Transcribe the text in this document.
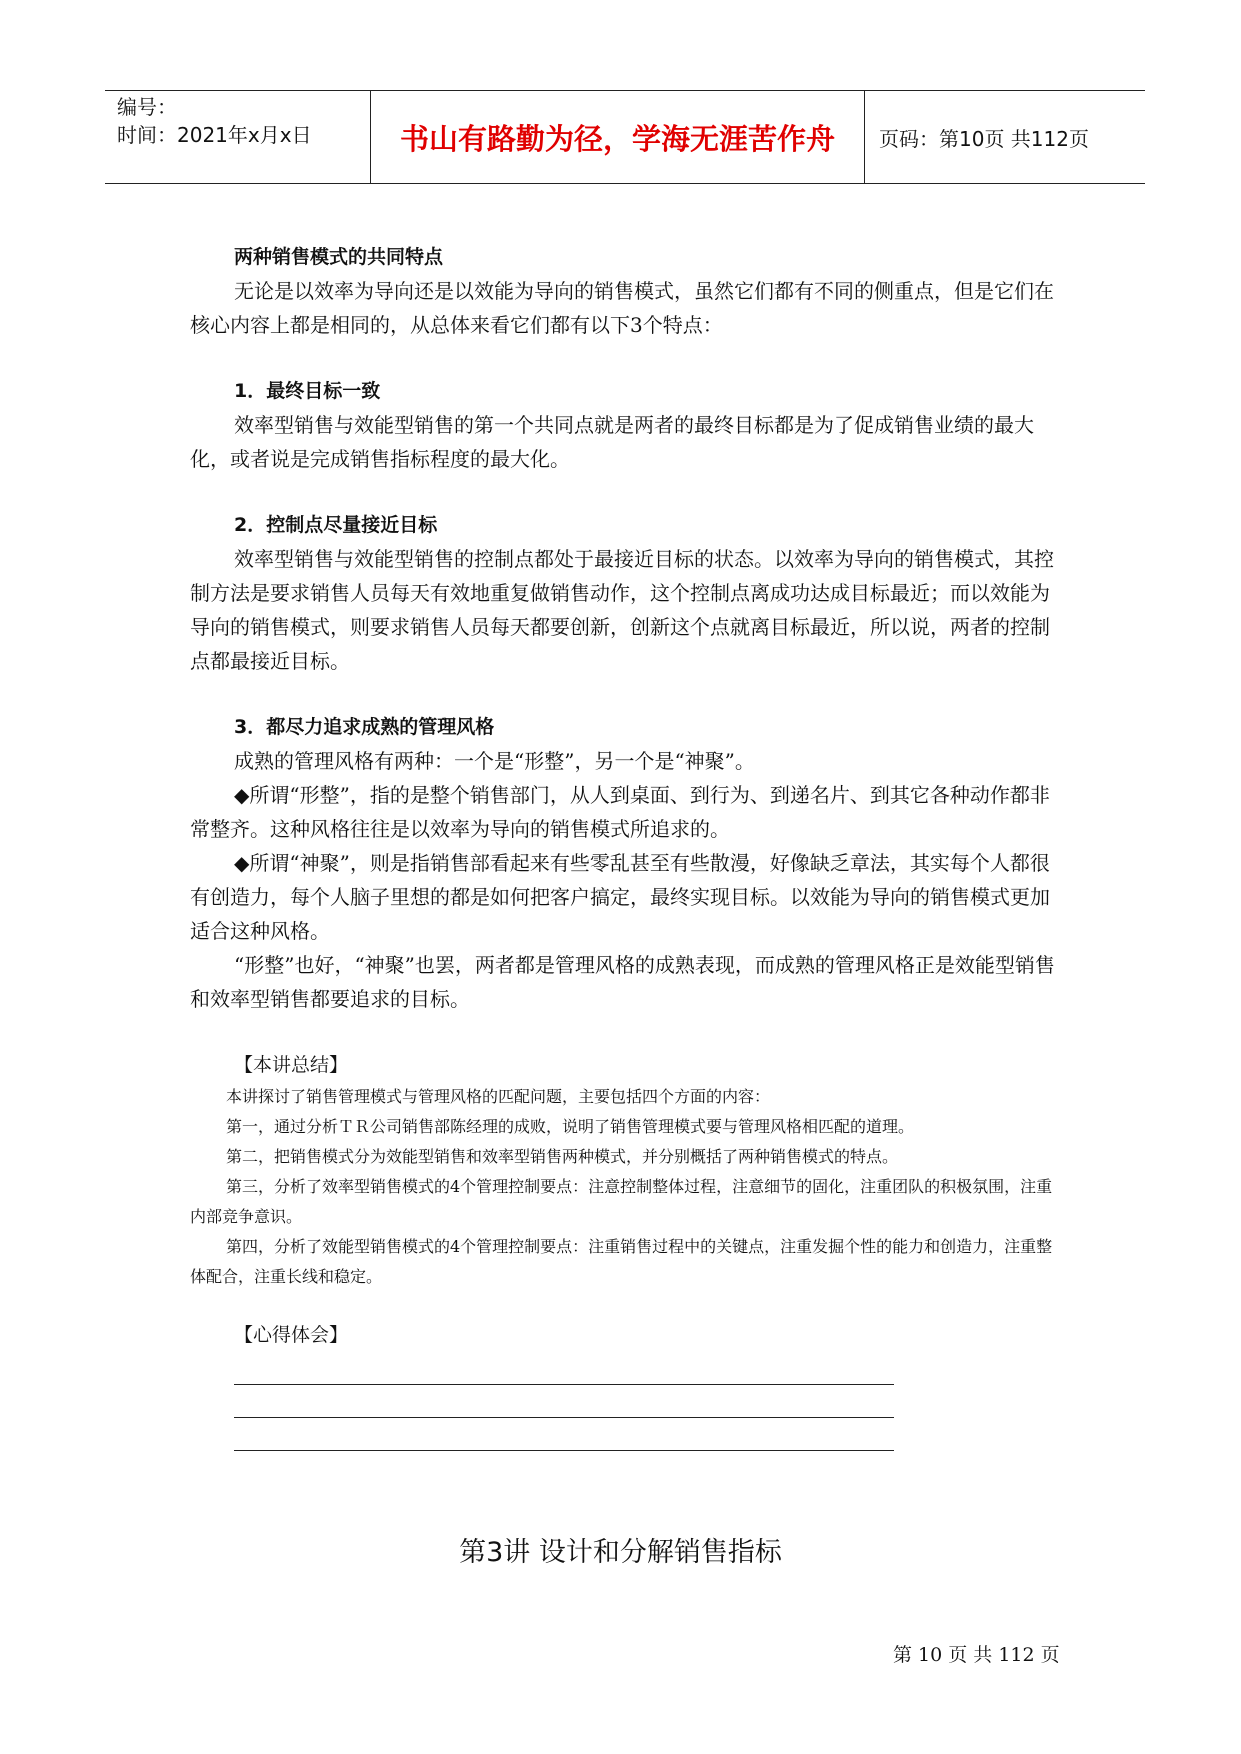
编号：
时间：2021年x月x日	书山有路勤为径，学海无涯苦作舟	页码：第10页 共112页

两种销售模式的共同特点

无论是以效率为导向还是以效能为导向的销售模式，虽然它们都有不同的侧重点，但是它们在核心内容上都是相同的，从总体来看它们都有以下3个特点：

1．最终目标一致

效率型销售与效能型销售的第一个共同点就是两者的最终目标都是为了促成销售业绩的最大化，或者说是完成销售指标程度的最大化。

2．控制点尽量接近目标

效率型销售与效能型销售的控制点都处于最接近目标的状态。以效率为导向的销售模式，其控制方法是要求销售人员每天有效地重复做销售动作，这个控制点离成功达成目标最近；而以效能为导向的销售模式，则要求销售人员每天都要创新，创新这个点就离目标最近，所以说，两者的控制点都最接近目标。

3．都尽力追求成熟的管理风格

成熟的管理风格有两种：一个是“形整”，另一个是“神聚”。

◆所谓“形整”，指的是整个销售部门，从人到桌面、到行为、到递名片、到其它各种动作都非常整齐。这种风格往往是以效率为导向的销售模式所追求的。

◆所谓“神聚”，则是指销售部看起来有些零乱甚至有些散漫，好像缺乏章法，其实每个人都很有创造力，每个人脑子里想的都是如何把客户搞定，最终实现目标。以效能为导向的销售模式更加适合这种风格。

“形整”也好，“神聚”也罢，两者都是管理风格的成熟表现，而成熟的管理风格正是效能型销售和效率型销售都要追求的目标。

【本讲总结】

本讲探讨了销售管理模式与管理风格的匹配问题，主要包括四个方面的内容：

第一，通过分析ＴＲ公司销售部陈经理的成败，说明了销售管理模式要与管理风格相匹配的道理。

第二，把销售模式分为效能型销售和效率型销售两种模式，并分别概括了两种销售模式的特点。

第三，分析了效率型销售模式的4个管理控制要点：注意控制整体过程，注意细节的固化，注重团队的积极氛围，注重内部竞争意识。

第四，分析了效能型销售模式的4个管理控制要点：注重销售过程中的关键点，注重发掘个性的能力和创造力，注重整体配合，注重长线和稳定。

【心得体会】

第3讲 设计和分解销售指标
第 10 页 共 112 页
